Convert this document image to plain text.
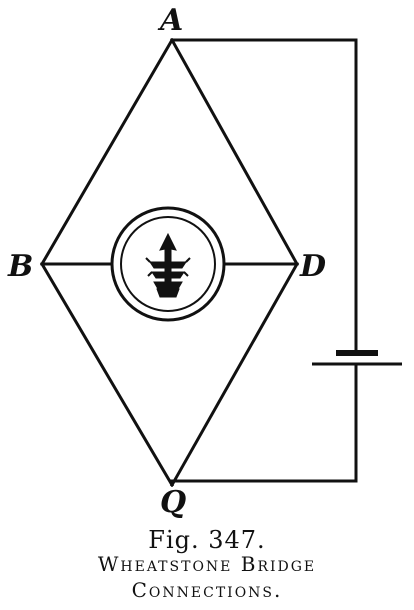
A
B	D
Q

Fig. 347.

Wheatstone Bridge

Connections.
